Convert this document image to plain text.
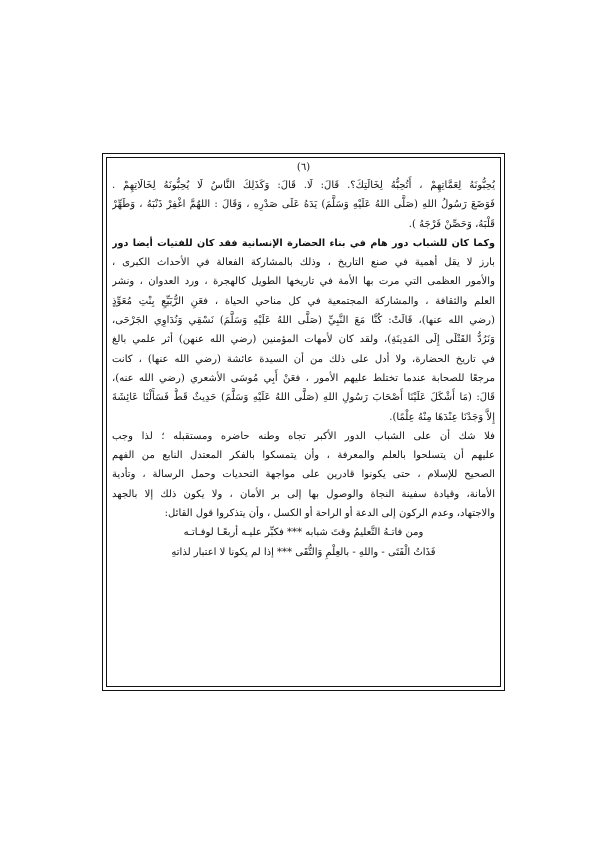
(٦)
يُحِبُّونَهُ لِعَمَّاتِهِمْ ، أَتُحِبُّهُ لِخَالَتِكَ؟. قَالَ: لَا. قَالَ: وَكَذَلِكَ النَّاسُ لَا يُحِبُّونَهُ لِخَالَاتِهِمْ .
فَوَضَعَ رَسُولُ اللهِ (صَلَّى اللهُ عَلَيْهِ وَسَلَّمَ) يَدَهُ عَلَى صَدْرِهِ ، وَقَالَ : اللهُمَّ اغْفِرْ ذَنْبَهُ ، وَطَهِّرْ
قَلْبَهُ، وَحَصِّنْ فَرْجَهُ ).
وكما كان للشباب دور هام في بناء الحضارة الإنسانية فقد كان للفتيات أيضا دور
بارز لا يقل أهمية في صنع التاريخ ، وذلك بالمشاركة الفعالة في الأحداث الكبرى ،
والأمور العظمى التي مرت بها الأمة في تاريخها الطويل كالهجرة ، ورد العدوان ، ونشر
العلم والثقافة ، والمشاركة المجتمعية في كل مناحي الحياة ، فعَنِ الرُّبَيِّعِ بِنْتِ مُعَوِّذٍ
(رضي الله عنها)، قَالَتْ: كُنَّا مَعَ النَّبِيِّ (صَلَّى اللهُ عَلَيْهِ وَسَلَّمَ) نَسْقِي وَنُدَاوِي الجَرْحَى،
وَنَرُدُّ القَتْلَى إِلَى المَدِينَةِ)، ولقد كان لأمهات المؤمنين (رضي الله عنهن) أثر علمي بالغ
في تاريخ الحضارة، ولا أدل على ذلك من أن السيدة عائشة (رضي الله عنها) ، كانت
مرجعًا للصحابة عندما تختلط عليهم الأمور ، فعَنْ أَبِي مُوسَى الأشعري (رضي الله عنه)،
قَالَ: (مَا أَشْكَلَ عَلَيْنَا أَصْحَابَ رَسُولِ اللهِ (صَلَّى اللهُ عَلَيْهِ وَسَلَّمَ) حَدِيثٌ قَطُّ فَسَأَلْنَا عَائِشَةَ
إِلاَّ وَجَدْنَا عِنْدَهَا مِنْهُ عِلْمًا).
فلا شك أن على الشباب الدور الأكبر تجاه وطنه حاضره ومستقبله ؛ لذا وجب
عليهم أن يتسلحوا بالعلم والمعرفة ، وأن يتمسكوا بالفكر المعتدل النابع من الفهم
الصحيح للإسلام ، حتى يكونوا قادرين على مواجهة التحديات وحمل الرسالة ، وتأدية
الأمانة، وقيادة سفينة النجاة والوصول بها إلى بر الأمان ، ولا يكون ذلك إلا بالجهد
والاجتهاد، وعدم الركون إلى الدعة أو الراحة أو الكسل ، وأن يتذكروا قول القائل:
ومن فاتـهُ التَّعليمُ وقتَ شبابه *** فكبِّر عليـه أربعًـا لوفـاتـه
فَذَاتُ الْفَتَى - واللهِ - بالعِلْمِ وَالتُّقَى *** إذا لم يكونا لا اعتبار لذاتهِ
